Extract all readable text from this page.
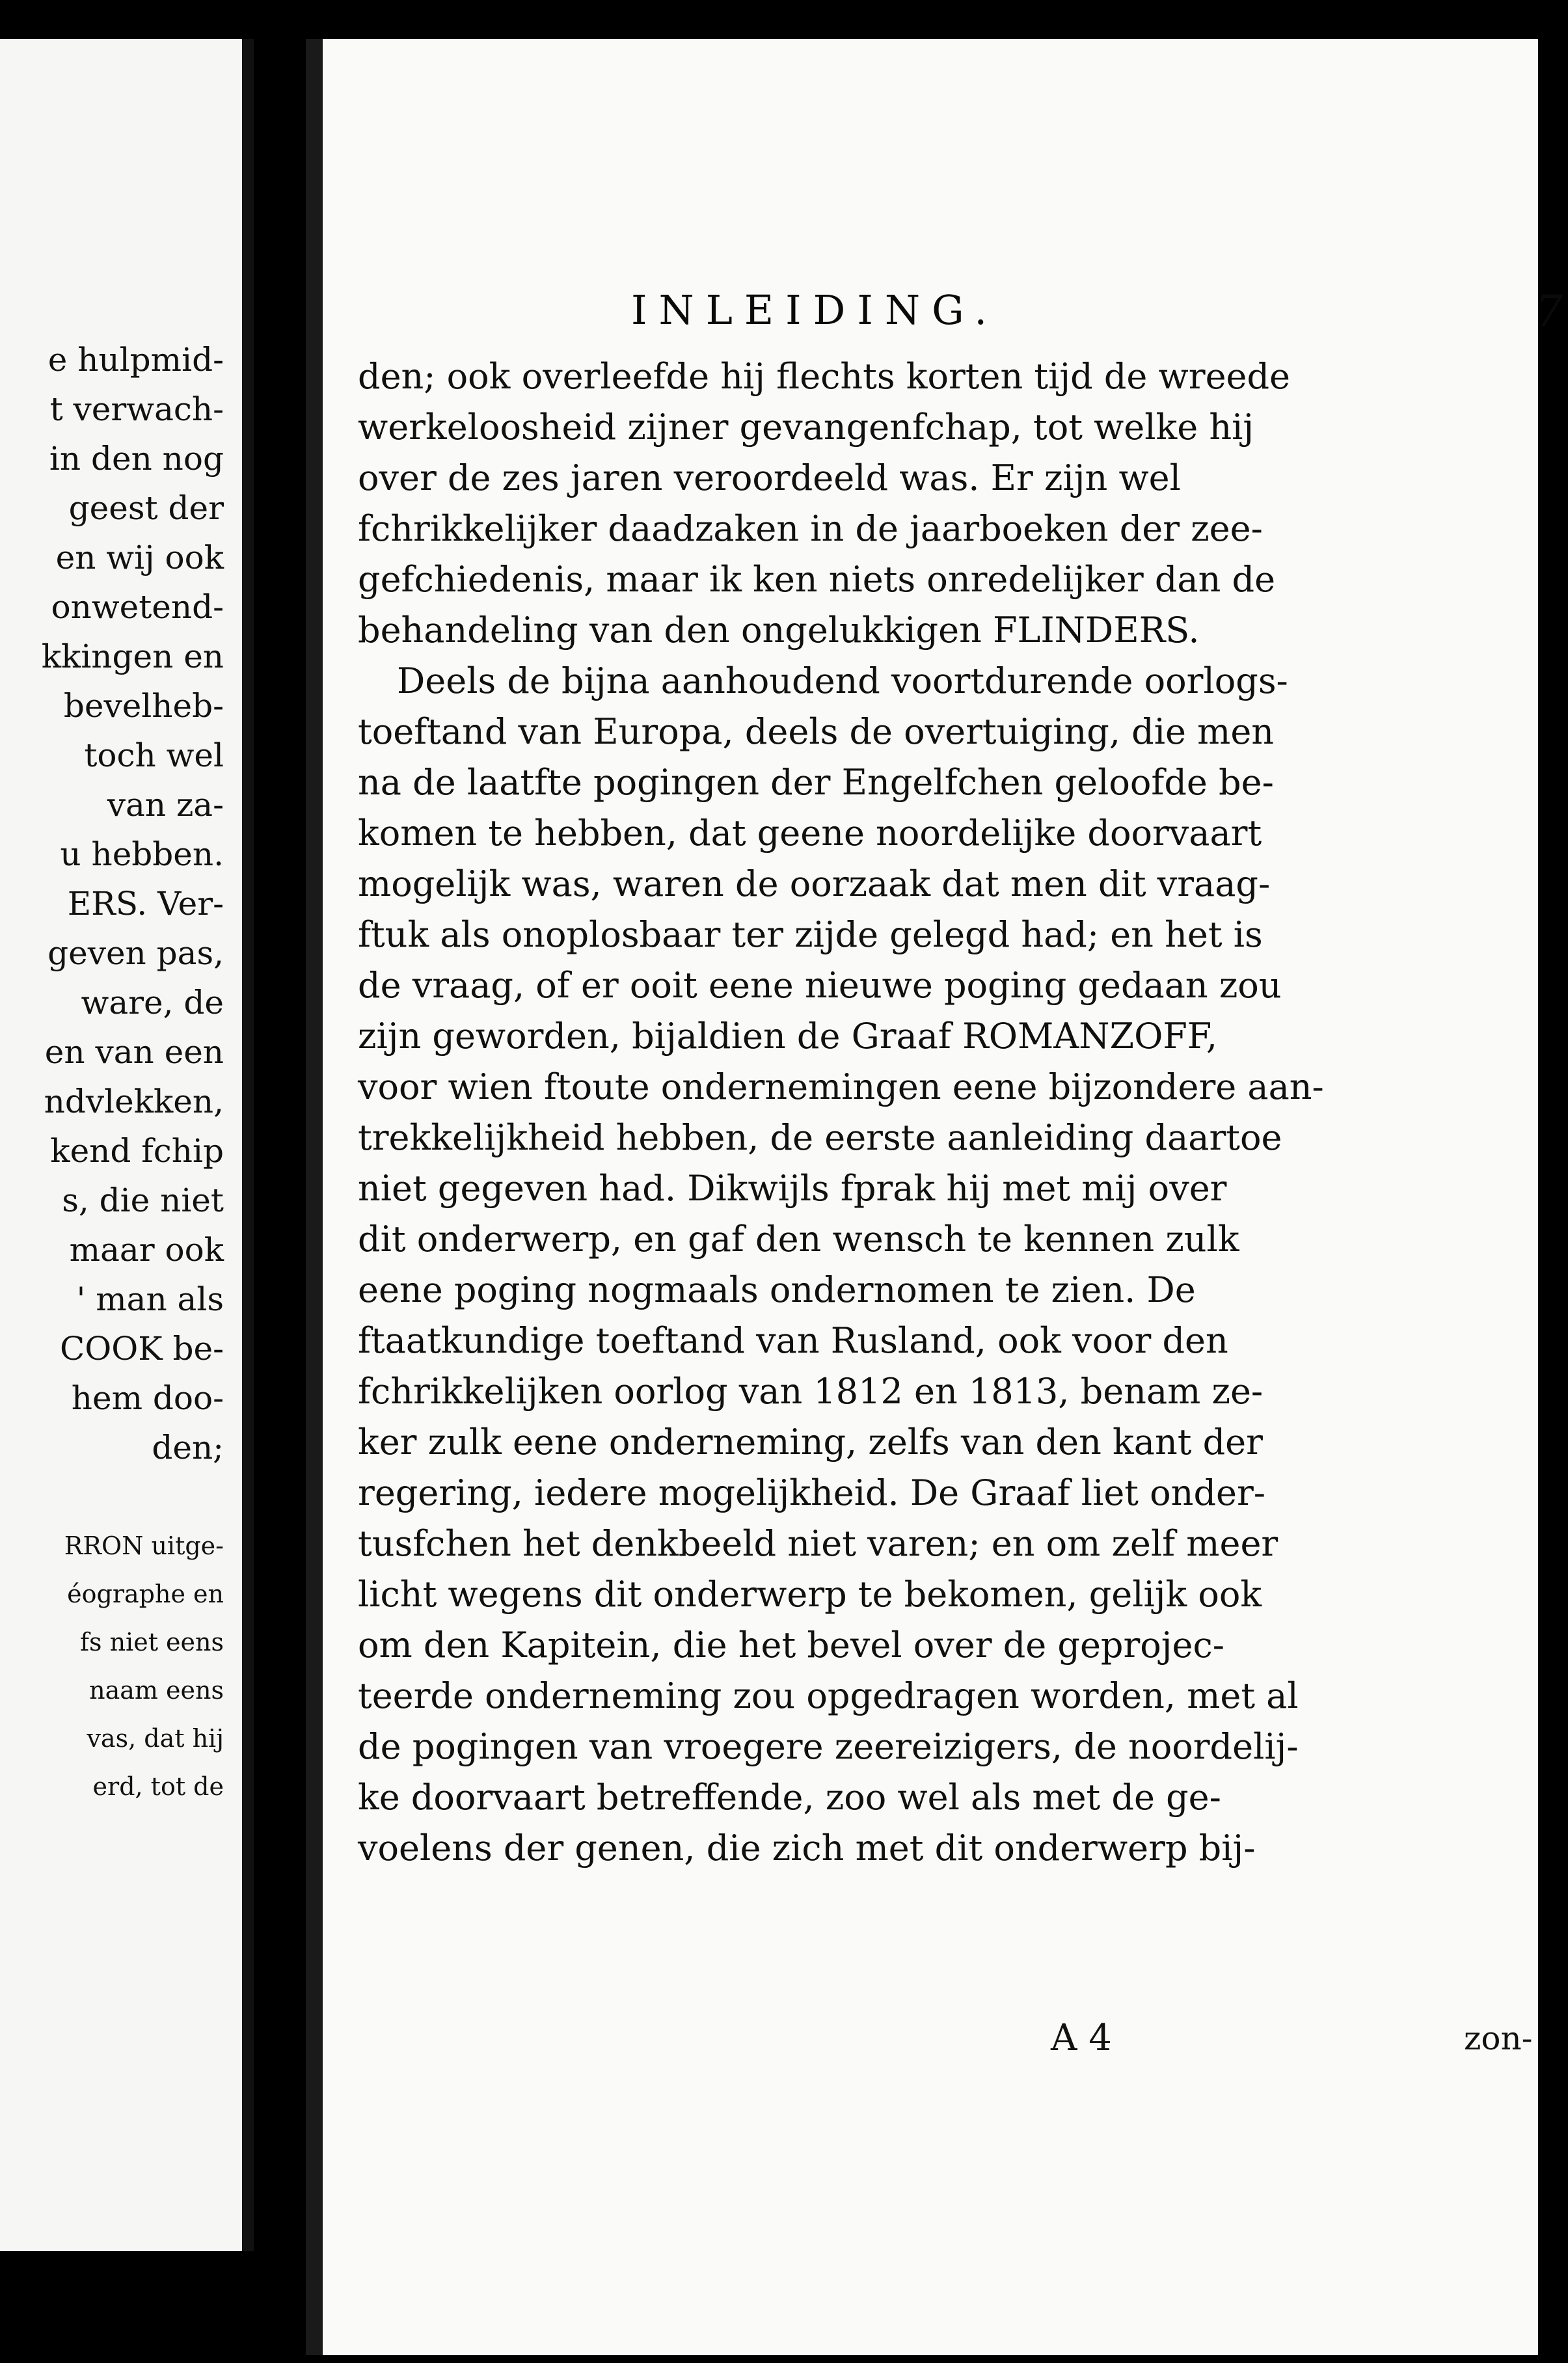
e hulpmid-
t verwach-
in den nog
geest der
en wij ook
onwetend-
kkingen en
bevelheb-
toch wel
van za-
u hebben.
ERS. Ver-
geven pas,
ware, de
en van een
ndvlekken,
kend fchip
s, die niet
maar ook
' man als
COOK be-
hem doo-
den;

RRON uitge-
éographe en
fs niet eens
naam eens
vas, dat hij
erd, tot de
INLEIDING.	7
den; ook overleefde hij flechts korten tijd de wreede
werkeloosheid zijner gevangenfchap, tot welke hij
over de zes jaren veroordeeld was. Er zijn wel
fchrikkelijker daadzaken in de jaarboeken der zee-
gefchiedenis, maar ik ken niets onredelijker dan de
behandeling van den ongelukkigen FLINDERS.
Deels de bijna aanhoudend voortdurende oorlogs-
toeftand van Europa, deels de overtuiging, die men
na de laatfte pogingen der Engelfchen geloofde be-
komen te hebben, dat geene noordelijke doorvaart
mogelijk was, waren de oorzaak dat men dit vraag-
ftuk als onoplosbaar ter zijde gelegd had; en het is
de vraag, of er ooit eene nieuwe poging gedaan zou
zijn geworden, bijaldien de Graaf ROMANZOFF,
voor wien ftoute ondernemingen eene bijzondere aan-
trekkelijkheid hebben, de eerste aanleiding daartoe
niet gegeven had. Dikwijls fprak hij met mij over
dit onderwerp, en gaf den wensch te kennen zulk
eene poging nogmaals ondernomen te zien. De
ftaatkundige toeftand van Rusland, ook voor den
fchrikkelijken oorlog van 1812 en 1813, benam ze-
ker zulk eene onderneming, zelfs van den kant der
regering, iedere mogelijkheid. De Graaf liet onder-
tusfchen het denkbeeld niet varen; en om zelf meer
licht wegens dit onderwerp te bekomen, gelijk ook
om den Kapitein, die het bevel over de geprojec-
teerde onderneming zou opgedragen worden, met al
de pogingen van vroegere zeereizigers, de noordelij-
ke doorvaart betreffende, zoo wel als met de ge-
voelens der genen, die zich met dit onderwerp bij-
A 4	zon-
